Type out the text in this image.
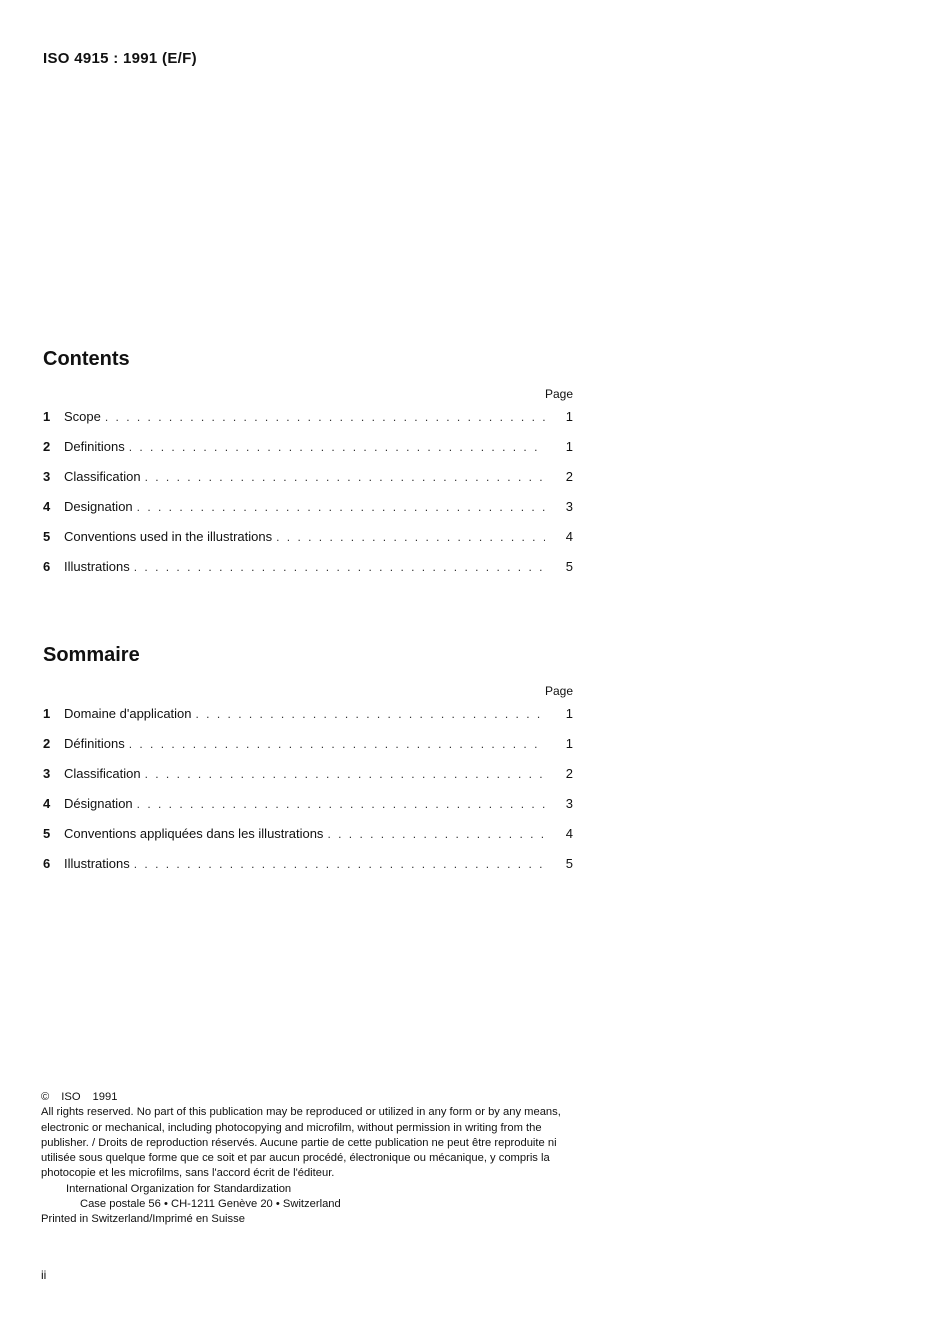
ISO 4915 : 1991 (E/F)
Contents
Page
1	Scope . . .	1
2	Definitions . . .	1
3	Classification . . .	2
4	Designation . . .	3
5	Conventions used in the illustrations . . .	4
6	Illustrations . . .	5
Sommaire
Page
1	Domaine d'application . . .	1
2	Définitions . . .	1
3	Classification . . .	2
4	Désignation . . .	3
5	Conventions appliquées dans les illustrations . . .	4
6	Illustrations . . .	5
© ISO 1991

All rights reserved. No part of this publication may be reproduced or utilized in any form or by any means, electronic or mechanical, including photocopying and microfilm, without permission in writing from the publisher. / Droits de reproduction réservés. Aucune partie de cette publication ne peut être reproduite ni utilisée sous quelque forme que ce soit et par aucun procédé, électronique ou mécanique, y compris la photocopie et les microfilms, sans l'accord écrit de l'éditeur.

International Organization for Standardization

Case postale 56 • CH-1211 Genève 20 • Switzerland

Printed in Switzerland/Imprimé en Suisse

ii
